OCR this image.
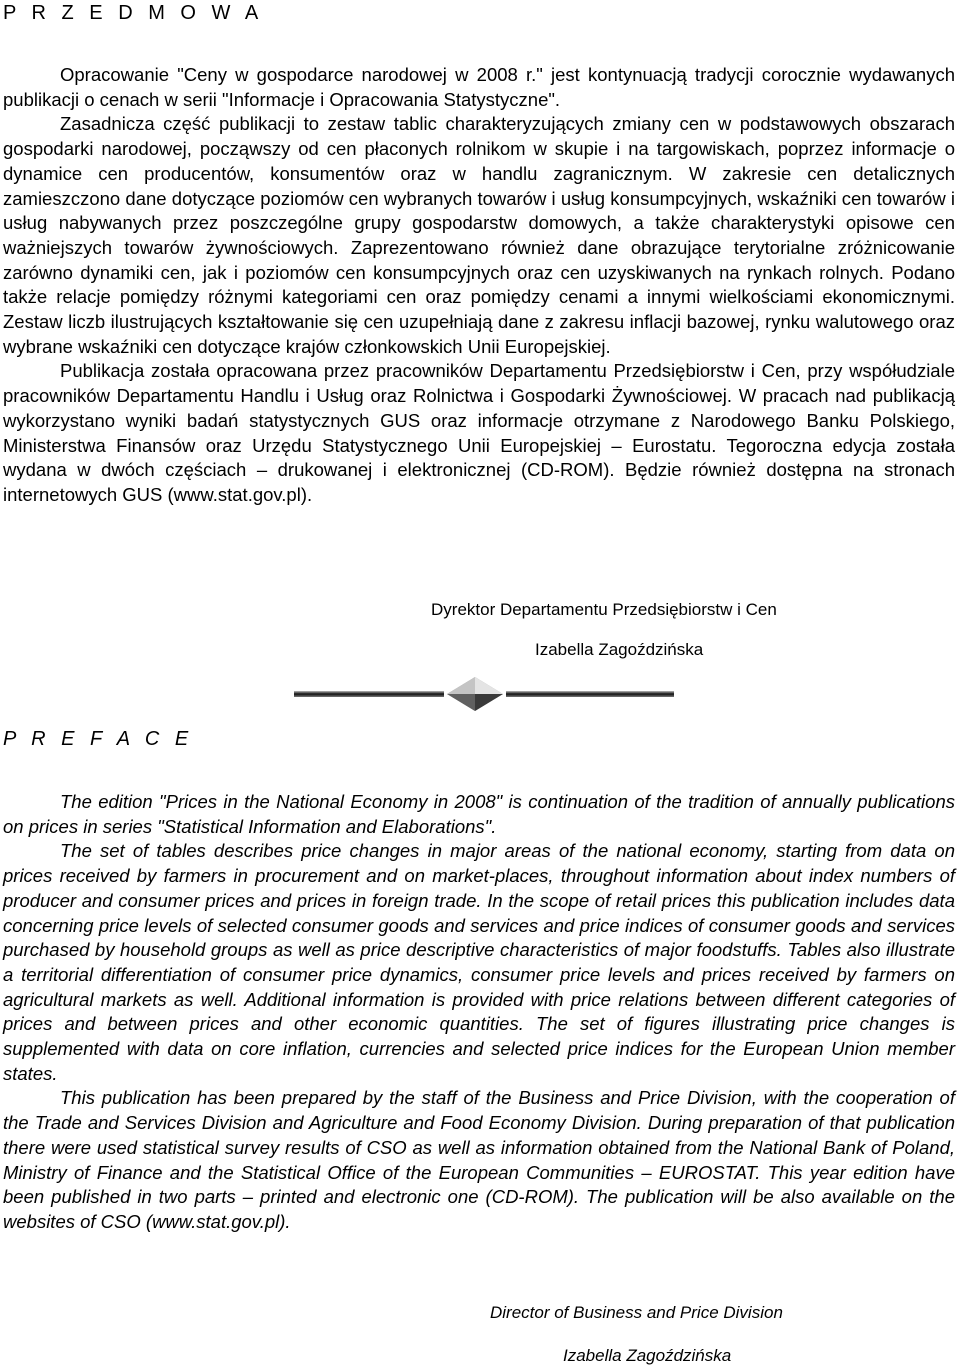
P R Z E D M O W A

Opracowanie "Ceny w gospodarce narodowej w 2008 r." jest kontynuacją tradycji corocznie wydawanych publikacji o cenach w serii "Informacje i Opracowania Statystyczne".

Zasadnicza część publikacji to zestaw tablic charakteryzujących zmiany cen w podstawowych obszarach gospodarki narodowej, począwszy od cen płaconych rolnikom w skupie i na targowiskach, poprzez informacje o dynamice cen producentów, konsumentów oraz w handlu zagranicznym. W zakresie cen detalicznych zamieszczono dane dotyczące poziomów cen wybranych towarów i usług konsumpcyjnych, wskaźniki cen towarów i usług nabywanych przez poszczególne grupy gospodarstw domowych, a także charakterystyki opisowe cen ważniejszych towarów żywnościowych. Zaprezentowano również dane obrazujące terytorialne zróżnicowanie zarówno dynamiki cen, jak i poziomów cen konsumpcyjnych oraz cen uzyskiwanych na rynkach rolnych. Podano także relacje pomiędzy różnymi kategoriami cen oraz pomiędzy cenami a innymi wielkościami ekonomicznymi. Zestaw liczb ilustrujących kształtowanie się cen uzupełniają dane z zakresu inflacji bazowej, rynku walutowego oraz wybrane wskaźniki cen dotyczące krajów członkowskich Unii Europejskiej.

Publikacja została opracowana przez pracowników Departamentu Przedsiębiorstw i Cen, przy współudziale pracowników Departamentu Handlu i Usług oraz Rolnictwa i Gospodarki Żywnościowej. W pracach nad publikacją wykorzystano wyniki badań statystycznych GUS oraz informacje otrzymane z Narodowego Banku Polskiego, Ministerstwa Finansów oraz Urzędu Statystycznego Unii Europejskiej – Eurostatu. Tegoroczna edycja została wydana w dwóch częściach – drukowanej i elektronicznej (CD-ROM). Będzie również dostępna na stronach internetowych GUS (www.stat.gov.pl).

Dyrektor Departamentu Przedsiębiorstw i Cen
Izabella Zagoździńska
P R E F A C E

The edition "Prices in the National Economy in 2008" is continuation of the tradition of annually publications on prices in series "Statistical Information and Elaborations".

The set of tables describes price changes in major areas of the national economy, starting from data on prices received by farmers in procurement and on market-places, throughout information about index numbers of producer and consumer prices and prices in foreign trade. In the scope of retail prices this publication includes data concerning price levels of selected consumer goods and services and price indices of consumer goods and services purchased by household groups as well as price descriptive characteristics of major foodstuffs. Tables also illustrate a territorial differentiation of consumer price dynamics, consumer price levels and prices received by farmers on agricultural markets as well. Additional information is provided with price relations between different categories of prices and between prices and other economic quantities. The set of figures illustrating price changes is supplemented with data on core inflation, currencies and selected price indices for the European Union member states.

This publication has been prepared by the staff of the Business and Price Division, with the cooperation of the Trade and Services Division and Agriculture and Food Economy Division. During preparation of that publication there were used statistical survey results of CSO as well as information obtained from the National Bank of Poland, Ministry of Finance and the Statistical Office of the European Communities – EUROSTAT. This year edition have been published in two parts – printed and electronic one (CD-ROM). The publication will be also available on the websites of CSO (www.stat.gov.pl).

Director of Business and Price Division
Izabella Zagoździńska
